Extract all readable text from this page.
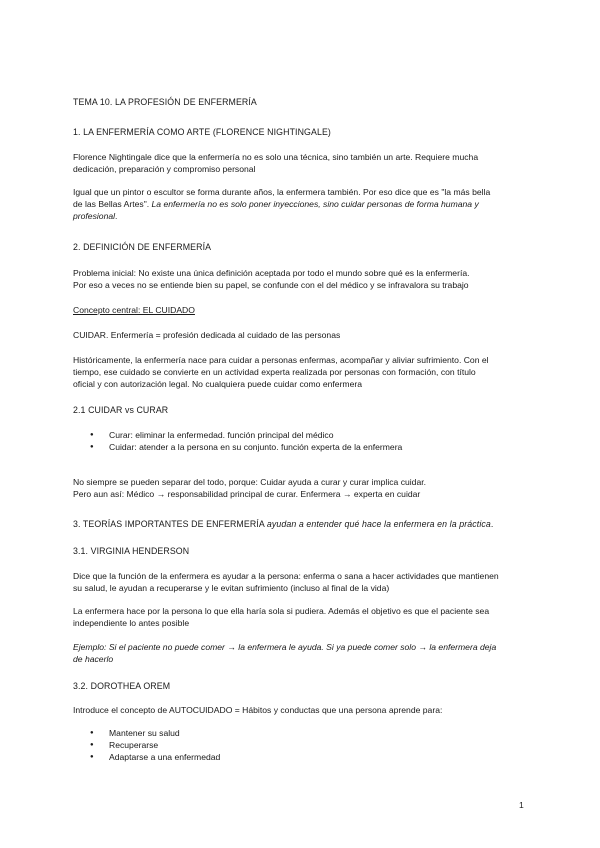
TEMA 10. LA PROFESIÓN DE ENFERMERÍA
1. LA ENFERMERÍA COMO ARTE (FLORENCE NIGHTINGALE)
Florence Nightingale dice que la enfermería no es solo una técnica, sino también un arte. Requiere mucha
dedicación, preparación y compromiso personal
Igual que un pintor o escultor se forma durante años, la enfermera también. Por eso dice que es "la más bella
de las Bellas Artes". La enfermería no es solo poner inyecciones, sino cuidar personas de forma humana y
profesional.
2. DEFINICIÓN DE ENFERMERÍA
Problema inicial: No existe una única definición aceptada por todo el mundo sobre qué es la enfermería.
Por eso a veces no se entiende bien su papel, se confunde con el del médico y se infravalora su trabajo
Concepto central: EL CUIDADO
CUIDAR. Enfermería = profesión dedicada al cuidado de las personas
Históricamente, la enfermería nace para cuidar a personas enfermas, acompañar y aliviar sufrimiento. Con el
tiempo, ese cuidado se convierte en un actividad experta realizada por personas con formación, con título
oficial y con autorización legal. No cualquiera puede cuidar como enfermera
2.1 CUIDAR vs CURAR
● Curar: eliminar la enfermedad. función principal del médico
● Cuidar: atender a la persona en su conjunto. función experta de la enfermera
No siempre se pueden separar del todo, porque: Cuidar ayuda a curar y curar implica cuidar.
Pero aun así: Médico → responsabilidad principal de curar. Enfermera → experta en cuidar
3. TEORÍAS IMPORTANTES DE ENFERMERÍA ayudan a entender qué hace la enfermera en la práctica.
3.1. VIRGINIA HENDERSON
Dice que la función de la enfermera es ayudar a la persona: enferma o sana a hacer actividades que mantienen
su salud, le ayudan a recuperarse y le evitan sufrimiento (incluso al final de la vida)
La enfermera hace por la persona lo que ella haría sola si pudiera. Además el objetivo es que el paciente sea
independiente lo antes posible
Ejemplo: Si el paciente no puede comer → la enfermera le ayuda. Si ya puede comer solo → la enfermera deja
de hacerlo
3.2. DOROTHEA OREM
Introduce el concepto de AUTOCUIDADO = Hábitos y conductas que una persona aprende para:
● Mantener su salud
● Recuperarse
● Adaptarse a una enfermedad
1
